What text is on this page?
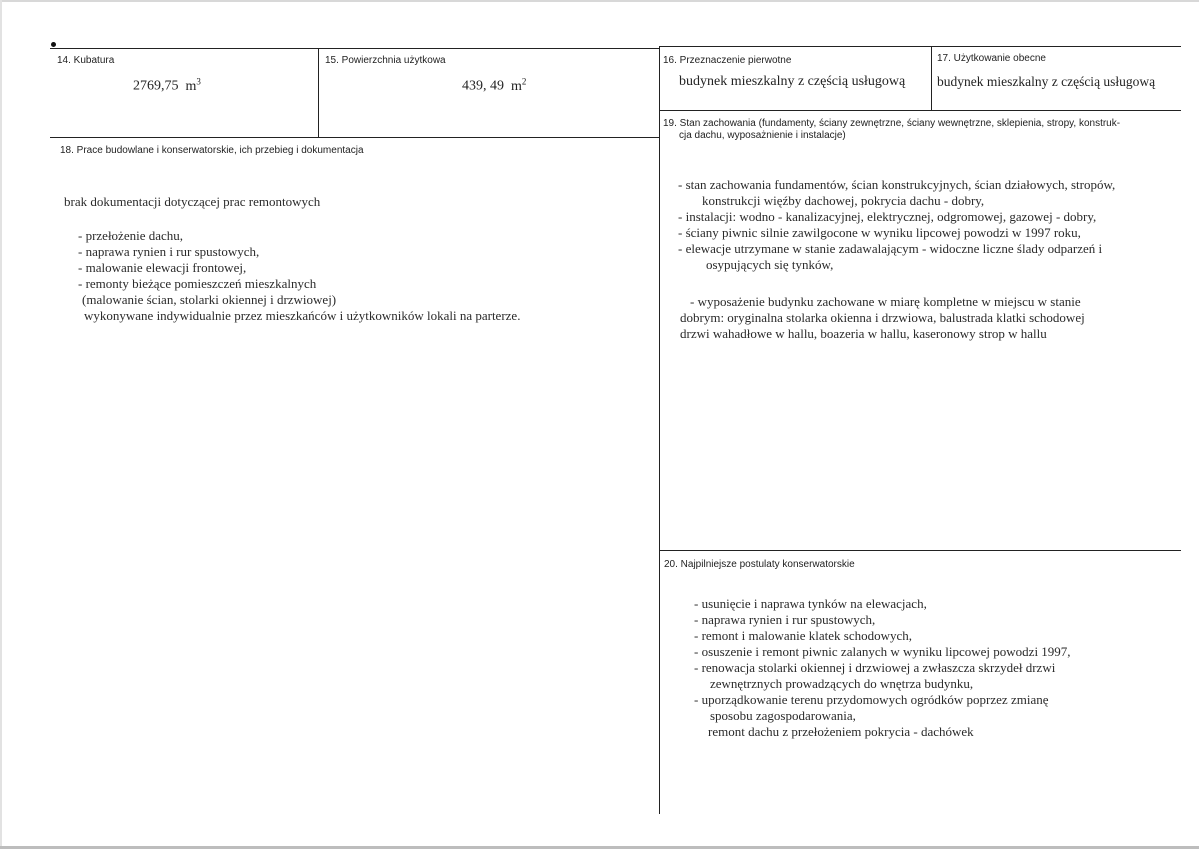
14. Kubatura
2769,75 $m^3$
15. Powierzchnia użytkowa
439, 49 $m^2$
16. Przeznaczenie pierwotne
budynek mieszkalny z częścią usługową
17. Użytkowanie obecne
budynek mieszkalny z częścią usługową
18. Prace budowlane i konserwatorskie, ich przebieg i dokumentacja
brak dokumentacji dotyczącej prac remontowych
- przełożenie dachu,
- naprawa rynien i rur spustowych,
- malowanie elewacji frontowej,
- remonty bieżące pomieszczeń mieszkalnych
(malowanie ścian, stolarki okiennej i drzwiowej)
wykonywane indywidualnie przez mieszkańców i użytkowników lokali na parterze.
19. Stan zachowania (fundamenty, ściany zewnętrzne, ściany wewnętrzne, sklepienia, stropy, konstruk-
cja dachu, wyposażnienie i instalacje)
- stan zachowania fundamentów, ścian konstrukcyjnych, ścian działowych, stropów,
konstrukcji więźby dachowej, pokrycia dachu - dobry,
- instalacji: wodno - kanalizacyjnej, elektrycznej, odgromowej, gazowej - dobry,
- ściany piwnic silnie zawilgocone w wyniku lipcowej powodzi w 1997 roku,
- elewacje utrzymane w stanie zadawalającym - widoczne liczne ślady odparzeń i
osypujących się tynków,
- wyposażenie budynku zachowane w miarę kompletne w miejscu w stanie
dobrym: oryginalna stolarka okienna i drzwiowa, balustrada klatki schodowej
drzwi wahadłowe w hallu, boazeria w hallu, kaseronowy strop w hallu
20. Najpilniejsze postulaty konserwatorskie
- usunięcie i naprawa tynków na elewacjach,
- naprawa rynien i rur spustowych,
- remont i malowanie klatek schodowych,
- osuszenie i remont piwnic zalanych w wyniku lipcowej powodzi 1997,
- renowacja stolarki okiennej i drzwiowej a zwłaszcza skrzydeł drzwi
zewnętrznych prowadzących do wnętrza budynku,
- uporządkowanie terenu przydomowych ogródków poprzez zmianę
sposobu zagospodarowania,
remont dachu z przełożeniem pokrycia - dachówek
